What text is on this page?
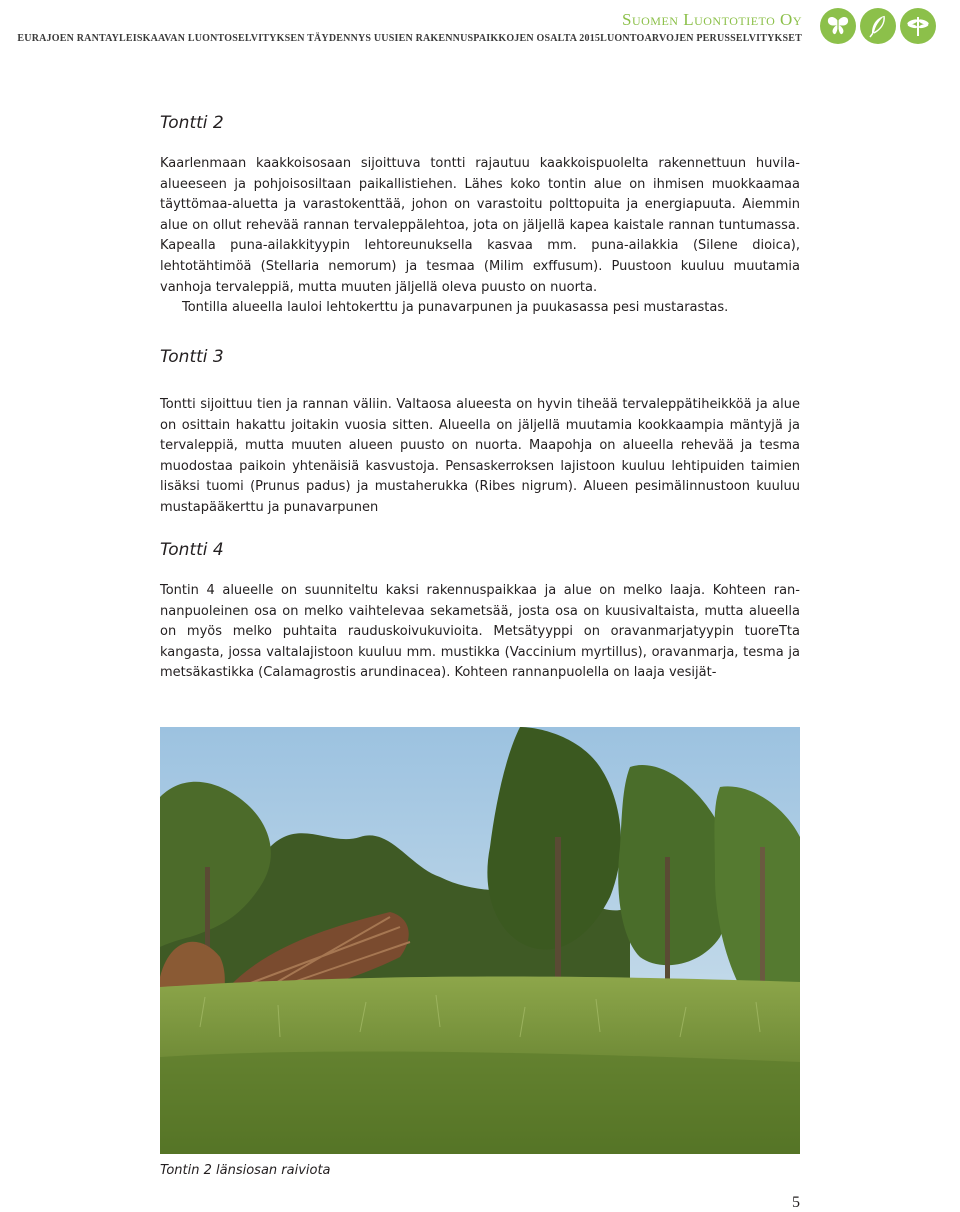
Suomen Luontotieto Oy
EURAJOEN RANTAYLEISKAAVAN LUONTOSELVITYKSEN TÄYDENNYS UUSIEN RAKENNUSPAIKKOJEN OSALTA 2015LUONTOARVOJEN PERUSSELVITYKSET
Tontti 2

Kaarlenmaan kaakkoisosaan sijoittuva tontti rajautuu kaakkoispuolelta rakennettuun huvilaalueeseen ja pohjoisosiltaan paikallistiehen. Lähes koko tontin alue on ihmisen muokkaamaa täyttömaa-aluetta ja varastokenttää, johon on varastoitu polttopuita ja energiapuuta. Aiemmin alue on ollut rehevää rannan tervaleppälehtoa, jota on jäljellä kapea kaistale rannan tuntumassa. Kapealla puna-ailakkityypin lehtoreunuksella kasvaa mm. puna-ailakkia (Silene dioica), lehtotähtimöä (Stellaria nemorum) ja tesmaa (Milim exffusum). Puustoon kuuluu muutamia vanhoja tervaleppiä, mutta muuten jäljellä oleva puusto on nuorta.
Tontilla alueella lauloi lehtokerttu ja punavarpunen ja puukasassa pesi mustarastas.

Tontti 3

Tontti sijoittuu tien ja rannan väliin. Valtaosa alueesta on hyvin tiheää tervaleppätiheikköä ja alue on osittain hakattu joitakin vuosia sitten. Alueella on jäljellä muutamia kookkaampia mäntyjä ja tervaleppiä, mutta muuten alueen puusto on nuorta. Maapohja on alueella rehevää ja tesma muodostaa paikoin yhtenäisiä kasvustoja. Pensaskerroksen lajistoon kuuluu lehtipuiden taimien lisäksi tuomi (Prunus padus) ja mustaherukka (Ribes nigrum). Alueen pesimälinnustoon kuuluu mustapääkerttu ja punavarpunen

Tontti 4

Tontin 4 alueelle on suunniteltu kaksi rakennuspaikkaa ja alue on melko laaja. Kohteen rannanpuoleinen osa on melko vaihtelevaa sekametsää, josta osa on kuusivaltaista, mutta alueella on myös melko puhtaita rauduskoivukuvioita. Metsätyyppi on oravanmarjatyypin tuoreTta kangasta, jossa valtalajistoon kuuluu mm. mustikka (Vaccinium myrtillus), oravanmarja, tesma ja metsäkastikka (Calamagrostis arundinacea). Kohteen rannanpuolella on laaja vesijät-

Tontin 2 länsiosan raiviota
5
